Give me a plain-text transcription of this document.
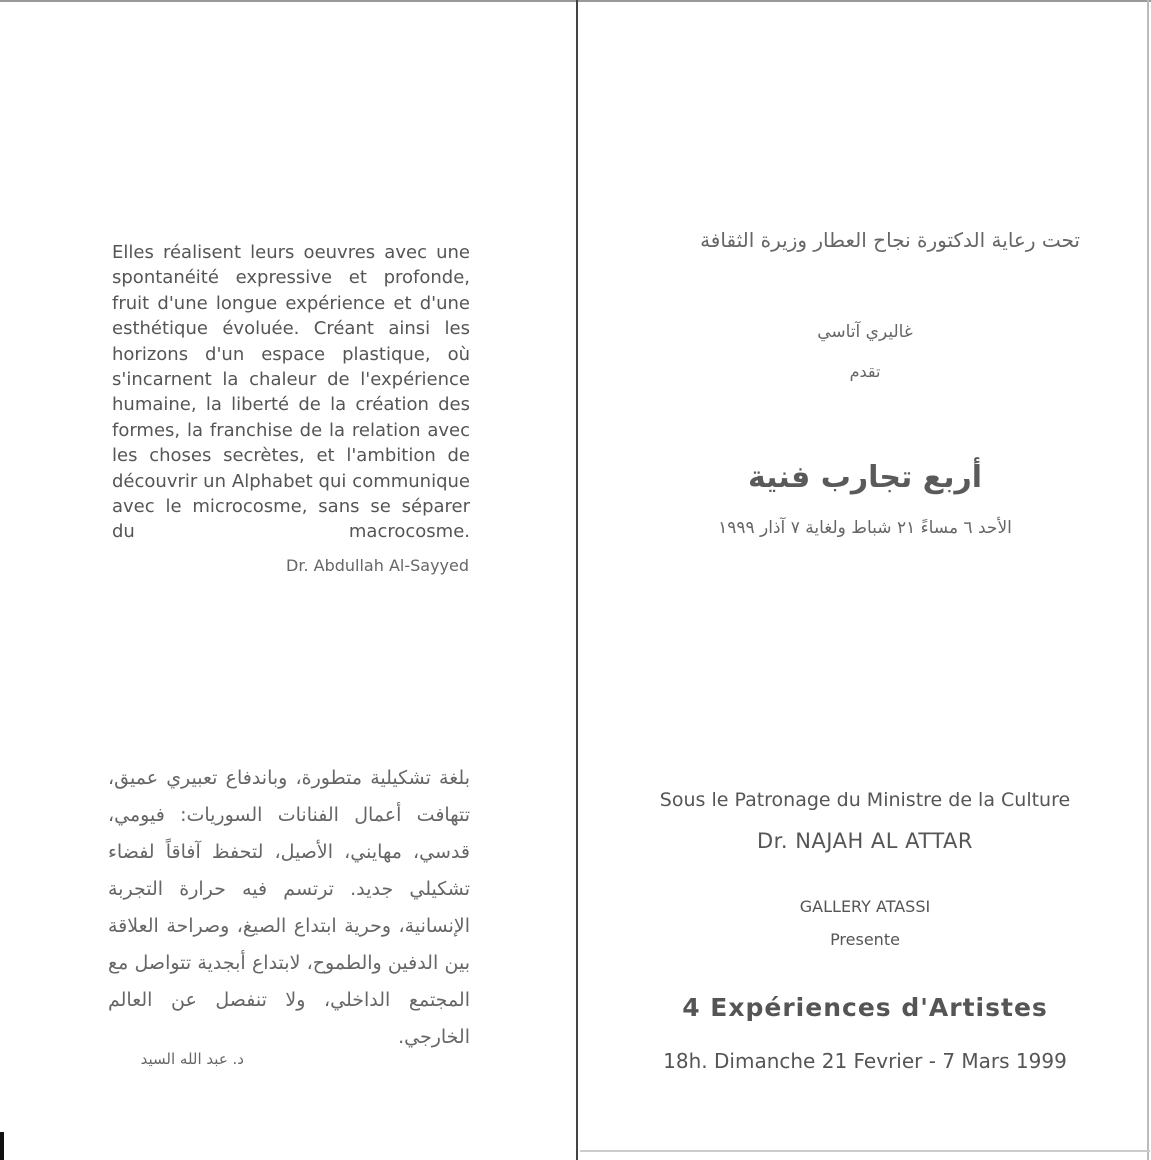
Elles réalisent leurs oeuvres avec une spontanéité expressive et profonde, fruit d'une longue expérience et d'une esthétique évoluée. Créant ainsi les horizons d'un espace plastique, où s'incarnent la chaleur de l'expérience humaine, la liberté de la création des formes, la franchise de la relation avec les choses secrètes, et l'ambition de découvrir un Alphabet qui communique avec le microcosme, sans se séparer du macrocosme.

Dr. Abdullah Al-Sayyed
بلغة تشكيلية متطورة، وباندفاع تعبيري عميق، تتهافت أعمال الفنانات السوريات: فيومي، قدسي، مهايني، الأصيل، لتحفظ آفاقاً لفضاء تشكيلي جديد. ترتسم فيه حرارة التجربة الإنسانية، وحرية ابتداع الصيغ، وصراحة العلاقة بين الدفين والطموح، لابتداع أبجدية تتواصل مع المجتمع الداخلي، ولا تنفصل عن العالم الخارجي.
د. عبد الله السيد
تحت رعاية الدكتورة نجاح العطار وزيرة الثقافة
غاليري آتاسي
تقدم
أربع تجارب فنية
الأحد ٦ مساءً ٢١ شباط ولغاية ٧ آذار ١٩٩٩
Sous le Patronage du Ministre de la Culture
Dr. NAJAH AL ATTAR
GALLERY ATASSI
Presente
4 Expériences d'Artistes
18h. Dimanche 21 Fevrier - 7 Mars 1999
